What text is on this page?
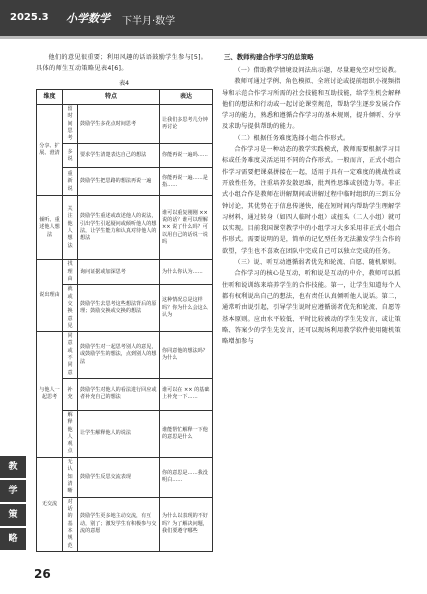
2025.3 小学数学 下半月·数学

他们的意见很重要；利用风趣的话语鼓励学生参与[5]。具体的师生互动策略见表4[6]。

表4
维度	特点		表达
分享、扩展、澄清	留时间思考	鼓励学生多花点时间思考	让我们多思考几分钟再讨论
	多说	要求学生清楚表达自己的想法	你能再说一遍吗……
	重新说	鼓励学生把思路的想法再说一遍	你能再说一遍……是指……
倾听、重述他人想法	关注他人想法	鼓励学生重述或改述他人的说法，引出学生引起疑问或倾听他人的想法，让学生能力和认真对待他人的想法	谁可以重复刚刚 ×× 说的话？谁可以理解 ×× 说了什么吗？可以用自己的话说一说吗
说出理由	找理由	询问证据或加深思考	为什么你认为……
	就或交换意见	鼓励学生去思考这些想法背后的原理；鼓励交换或交换的想法	这种情况总是这样吗？你为什么会这么认为
与他人一起思考	同意或不同意	鼓励学生对一起思考别人的意见，或鼓励学生的想法，点到别人的想法	你同意他的想法吗？为什么
	补充	鼓励学生对他人的看法进行回应或者补充自己的想法	谁可以在 ×× 的基础上补充一下……
	解释他人观点	让学生解释他人的说法	谁能帮忙解释一下他的意思是什么
无交流	无认知清晰	鼓励学生反思交流表现	你的意思是……我没明白……
	对话的基本规范	鼓励学生更多地主动交流，有互动，别了；激发学生有积极参与交流的意愿	为什么以表现的不好吗？为了解决问题，我们要遵守哪些

三、教师构建合作学习的总策略

（一）借助教学情境设问法出示题，尽量避免空对空说教。

教师可通过学例、角色模拟、全班讨论或提前组织小视频指导和示范合作学习所需的社会技能和互助技能，给学生机会解释他们的想法和行动或一起讨论课堂规范，帮助学生逐步发展合作学习的能力，熟悉和遵循合作学习的基本规则，提升倾听、分享及求助与提供帮助的能力。

（二）根据任务难度选择小组合作形式。

合作学习是一种动态的教学实践模式，教师需要根据学习目标或任务难度灵活运用不同的合作形式。一般而言，正式小组合作学习需要把课桌拼接在一起，适用于具有一定难度的挑战性或开放性任务，注重培养发散思维，批判性思维或创造力等。非正式小组合作是教师在讲解期间或讲解过程中临时组织的三到五分钟讨论，其优势在于信息传递快，能在短时间内帮助学生理解学习材料，通过转身（如四人临时小组）或扭头（二人小组）就可以实现。目前我国课堂教学中的小组学习大多采用非正式小组合作形式。需要说明的是，简单的记忆型任务无法激发学生合作的欲望，学生也不喜欢在团队中完成自己可以独立完成的任务。

（三）说、听互动遵循弱者优先和轮流、自愿、随机原则。

合作学习的核心是互动，听和说是互动的中介，教师可以抓住听和说训练来培养学生的合作技能。第一，让学生知道每个人都有权利说出自己的想法，也有责任认真倾听他人说话。第二，通常听由说引起，引导学生说时应遵循弱者优先和轮流、自愿等基本原则。应由水平较低、平时比较被动的学生先发言，或让策略、答案少的学生先发言，还可以现场利用教学软件使用随机策略增加参与

教
学
策
略
26
